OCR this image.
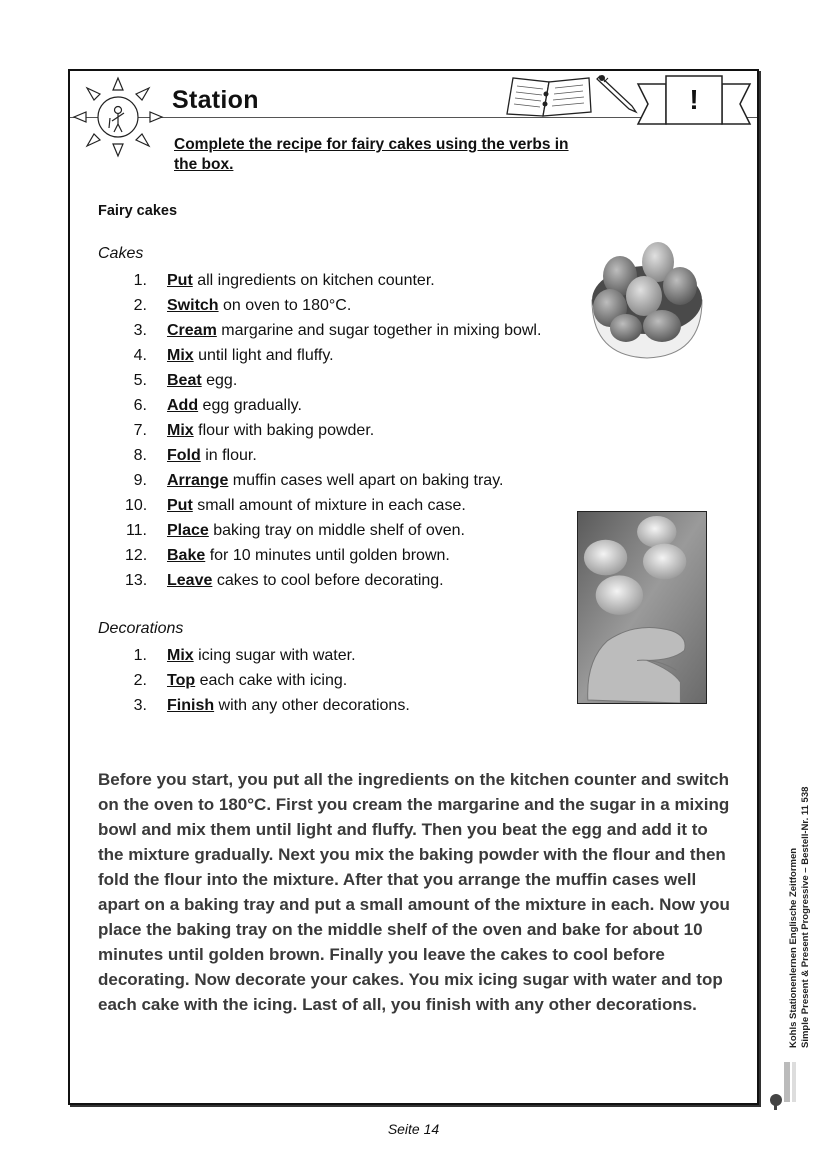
Station	!
Complete the recipe for fairy cakes using the verbs in the box.
Fairy cakes
Cakes
1. Put all ingredients on kitchen counter.
2. Switch on oven to 180°C.
3. Cream margarine and sugar together in mixing bowl.
4. Mix until light and fluffy.
5. Beat egg.
6. Add egg gradually.
7. Mix flour with baking powder.
8. Fold in flour.
9. Arrange muffin cases well apart on baking tray.
10. Put small amount of mixture in each case.
11. Place baking tray on middle shelf of oven.
12. Bake for 10 minutes until golden brown.
13. Leave cakes to cool before decorating.
Decorations
1. Mix icing sugar with water.
2. Top each cake with icing.
3. Finish with any other decorations.
Before you start, you put all the ingredients on the kitchen counter and switch on the oven to 180°C. First you cream the margarine and the sugar in a mixing bowl and mix them until light and fluffy. Then you beat the egg and add it to the mixture gradually. Next you mix the baking powder with the flour and then fold the flour into the mixture. After that you arrange the muffin cases well apart on a baking tray and put a small amount of the mixture in each. Now you place the baking tray on the middle shelf of the oven and bake for about 10 minutes until golden brown. Finally you leave the cakes to cool before decorating. Now decorate your cakes. You mix icing sugar with water and top each cake with the icing. Last of all, you finish with any other decorations.	Kohls Stationenlernen Englische Zeitformen Simple Present & Present Progressive – Bestell-Nr. 11 538
Seite 14
